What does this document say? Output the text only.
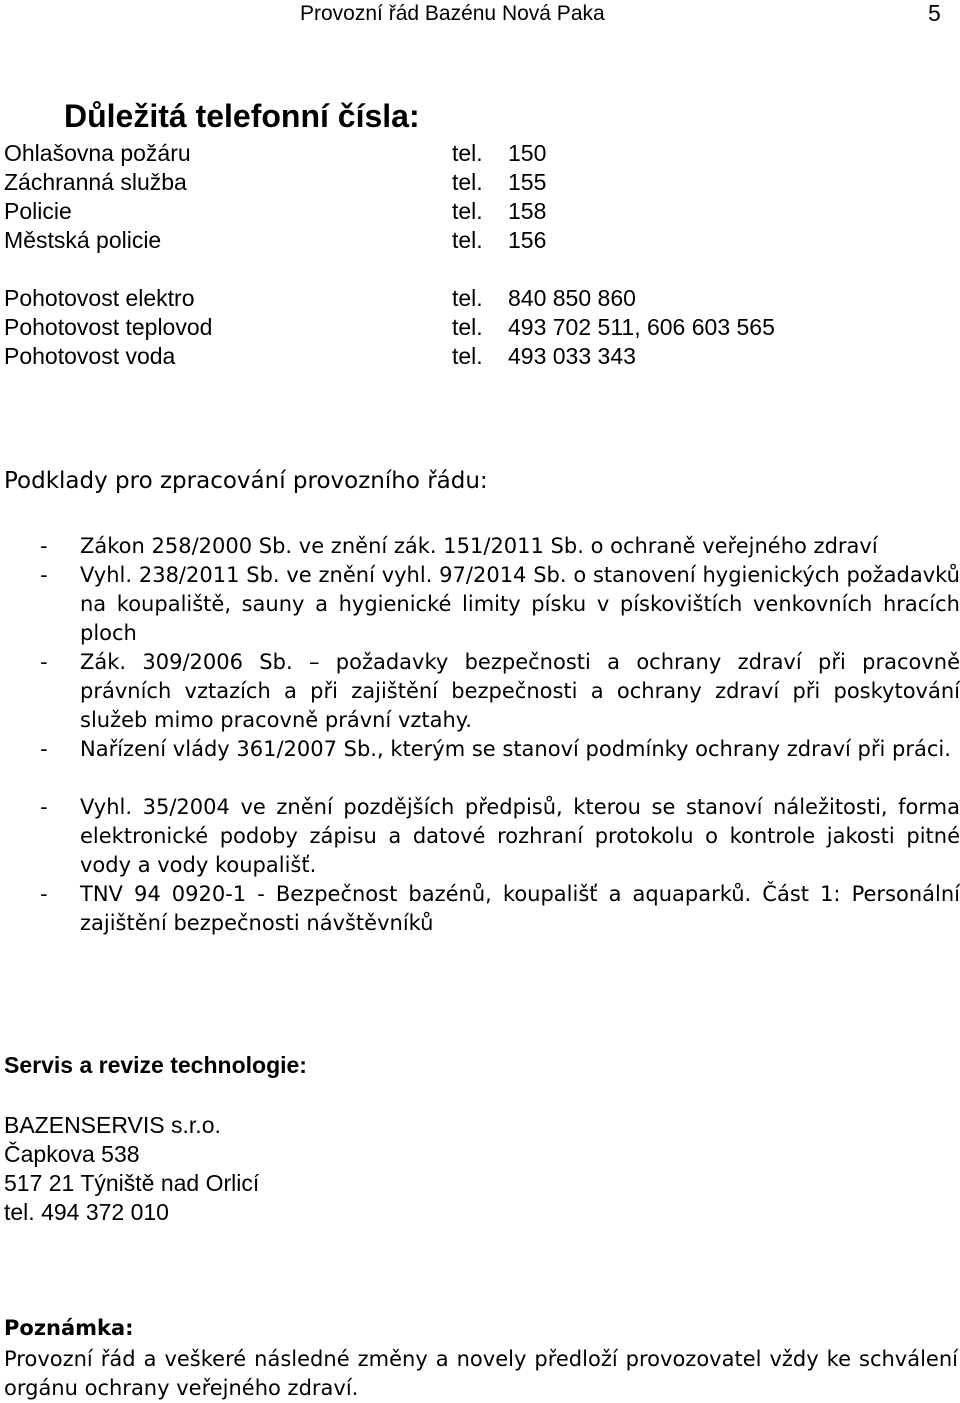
Provozní řád Bazénu Nová Paka	5
Důležitá telefonní čísla:
Ohlašovna požáru	tel. 150
Záchranná služba	tel. 155
Policie	tel. 158
Městská policie	tel. 156
Pohotovost elektro	tel. 840 850 860
Pohotovost teplovod	tel. 493 702 511, 606 603 565
Pohotovost voda	tel. 493 033 343
Podklady pro zpracování provozního řádu:
- Zákon 258/2000 Sb. ve znění zák. 151/2011 Sb. o ochraně veřejného zdraví
- Vyhl. 238/2011 Sb. ve znění vyhl. 97/2014 Sb. o stanovení hygienických požadavků na koupaliště, sauny a hygienické limity písku v pískovištích venkovních hracích ploch
- Zák. 309/2006 Sb. – požadavky bezpečnosti a ochrany zdraví při pracovně právních vztazích a při zajištění bezpečnosti a ochrany zdraví při poskytování služeb mimo pracovně právní vztahy.
- Nařízení vlády 361/2007 Sb., kterým se stanoví podmínky ochrany zdraví při práci.
- Vyhl. 35/2004 ve znění pozdějších předpisů, kterou se stanoví náležitosti, forma elektronické podoby zápisu a datové rozhraní protokolu o kontrole jakosti pitné vody a vody koupališť.
- TNV 94 0920-1 - Bezpečnost bazénů, koupališť a aquaparků. Část 1: Personální zajištění bezpečnosti návštěvníků
Servis a revize technologie:
BAZENSERVIS s.r.o.
Čapkova 538
517 21 Týniště nad Orlicí
tel. 494 372 010
Poznámka:
Provozní řád a veškeré následné změny a novely předloží provozovatel vždy ke schválení orgánu ochrany veřejného zdraví.
